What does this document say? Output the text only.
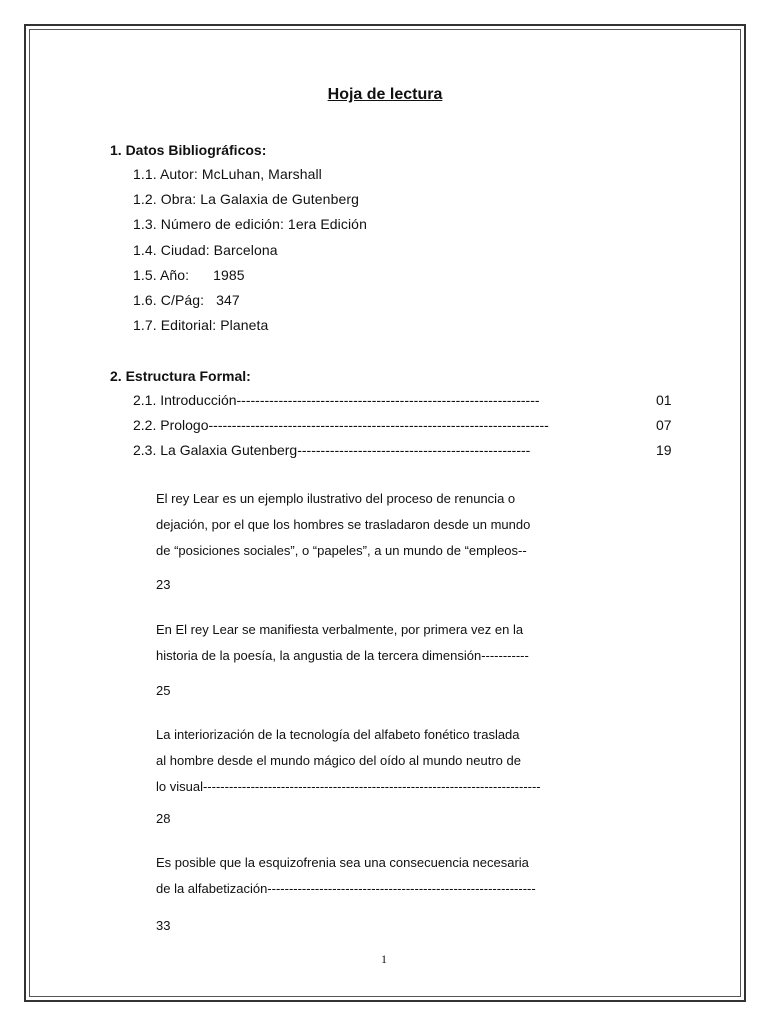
Hoja de lectura
1. Datos Bibliográficos:
1.1. Autor: McLuhan, Marshall
1.2. Obra: La Galaxia de Gutenberg
1.3. Número de edición: 1era Edición
1.4. Ciudad: Barcelona
1.5. Año:      1985
1.6. C/Pág:   347
1.7. Editorial: Planeta
2. Estructura Formal:
2.1. Introducción-----------------------------------------------------------------	01
2.2. Prologo-------------------------------------------------------------------------	07
2.3. La Galaxia Gutenberg--------------------------------------------------	19

El rey Lear es un ejemplo ilustrativo del proceso de renuncia o

dejación, por el que los hombres se trasladaron desde un mundo

de “posiciones sociales”, o “papeles”, a un mundo de “empleos--

23

En El rey Lear se manifiesta verbalmente, por primera vez en la

historia de la poesía, la angustia de la tercera dimensión-----------

25

La interiorización de la tecnología del alfabeto fonético traslada

al hombre desde el mundo mágico del oído al mundo neutro de

lo visual------------------------------------------------------------------------------

28

Es posible que la esquizofrenia sea una consecuencia necesaria

de la alfabetización--------------------------------------------------------------

33
1
